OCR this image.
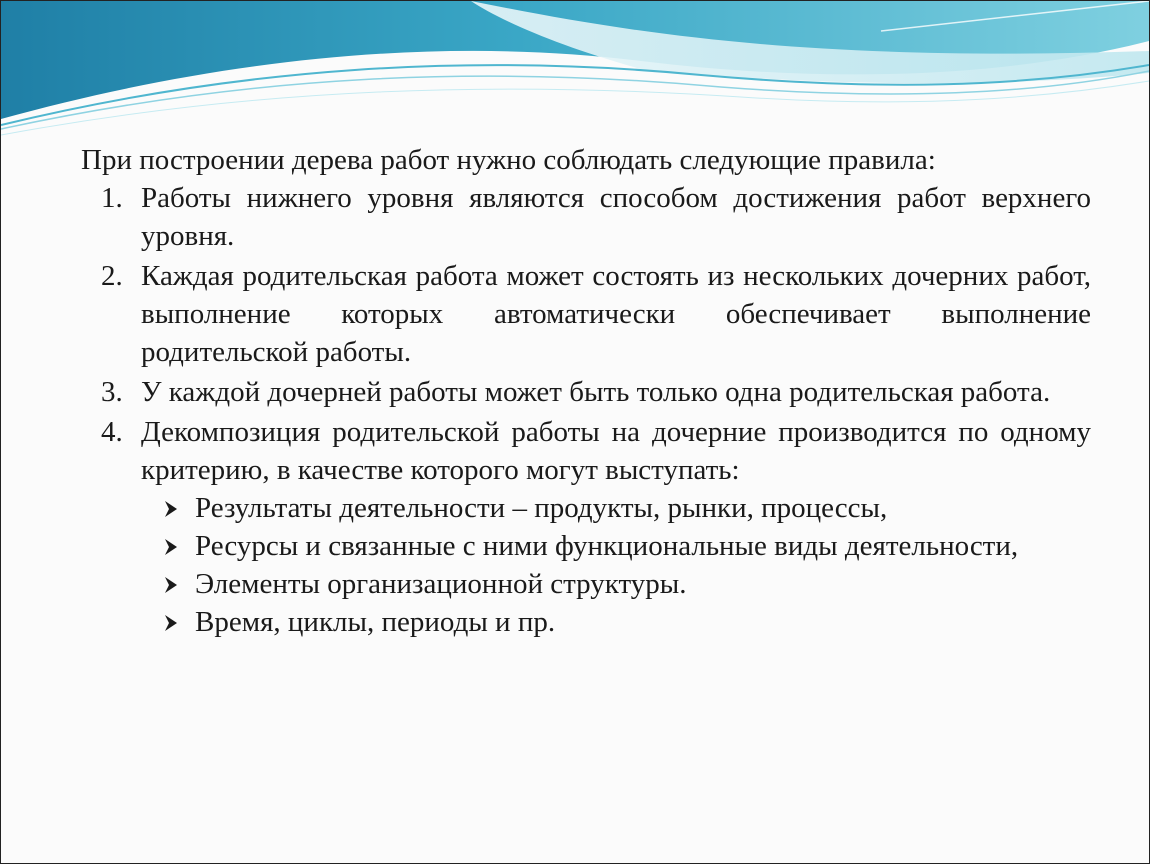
При построении дерева работ нужно соблюдать следующие правила:

1. Работы нижнего уровня являются способом достижения работ верхнего уровня.
2. Каждая родительская работа может состоять из нескольких дочерних работ, выполнение которых автоматически обеспечивает выполнение родительской работы.
3. У каждой дочерней работы может быть только одна родительская работа.
4. Декомпозиция родительской работы на дочерние производится по одному критерию, в качестве которого могут выступать:
Результаты деятельности – продукты, рынки, процессы,
Ресурсы и связанные с ними функциональные виды деятельности,
Элементы организационной структуры.
Время, циклы, периоды и пр.
